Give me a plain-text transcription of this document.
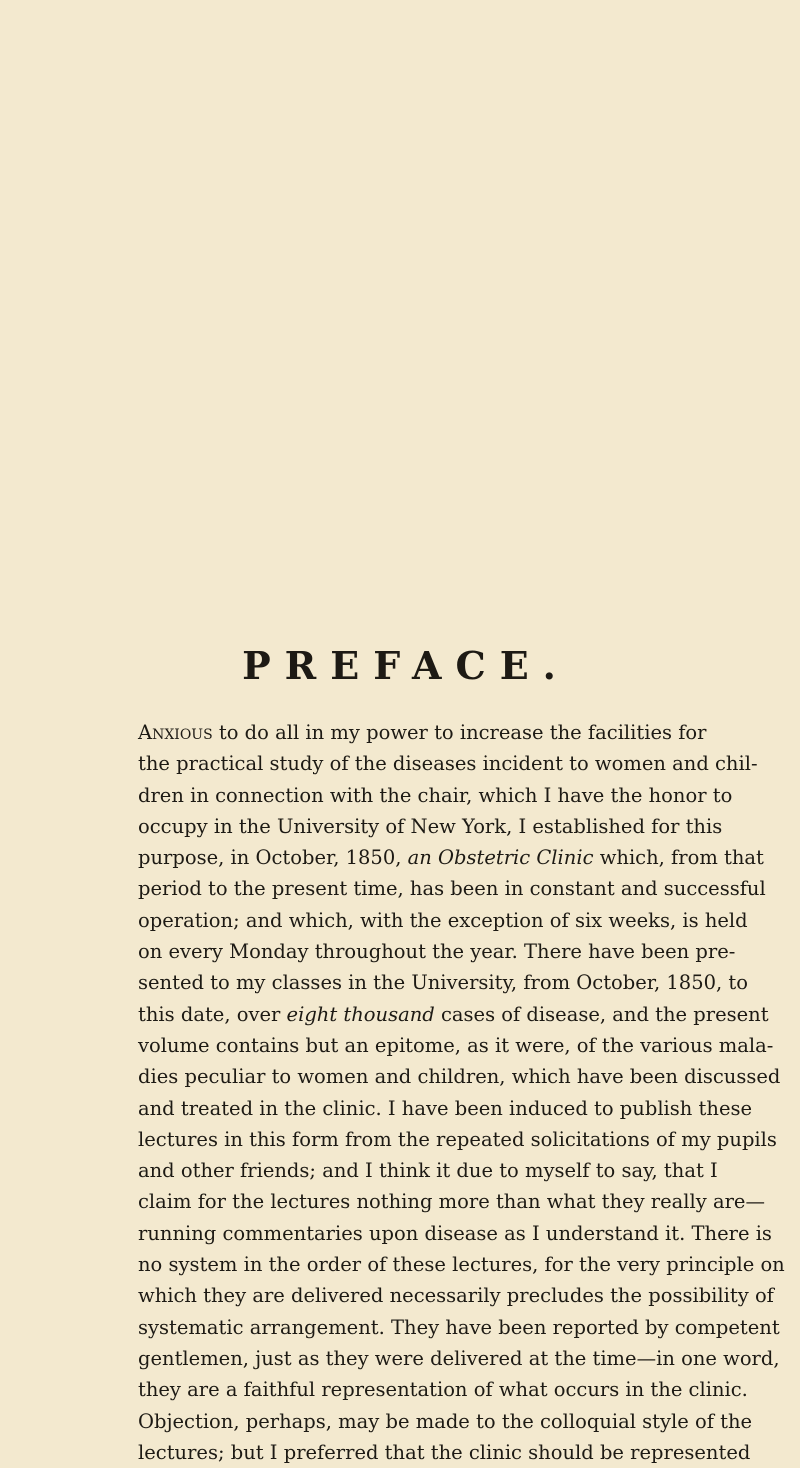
PREFACE.
Anxious to do all in my power to increase the facilities for
the practical study of the diseases incident to women and chil-
dren in connection with the chair, which I have the honor to
occupy in the University of New York, I established for this
purpose, in October, 1850, an Obstetric Clinic which, from that
period to the present time, has been in constant and successful
operation; and which, with the exception of six weeks, is held
on every Monday throughout the year. There have been pre-
sented to my classes in the University, from October, 1850, to
this date, over eight thousand cases of disease, and the present
volume contains but an epitome, as it were, of the various mala-
dies peculiar to women and children, which have been discussed
and treated in the clinic. I have been induced to publish these
lectures in this form from the repeated solicitations of my pupils
and other friends; and I think it due to myself to say, that I
claim for the lectures nothing more than what they really are—
running commentaries upon disease as I understand it. There is
no system in the order of these lectures, for the very principle on
which they are delivered necessarily precludes the possibility of
systematic arrangement. They have been reported by competent
gentlemen, just as they were delivered at the time—in one word,
they are a faithful representation of what occurs in the clinic.
Objection, perhaps, may be made to the colloquial style of the
lectures; but I preferred that the clinic should be represented
